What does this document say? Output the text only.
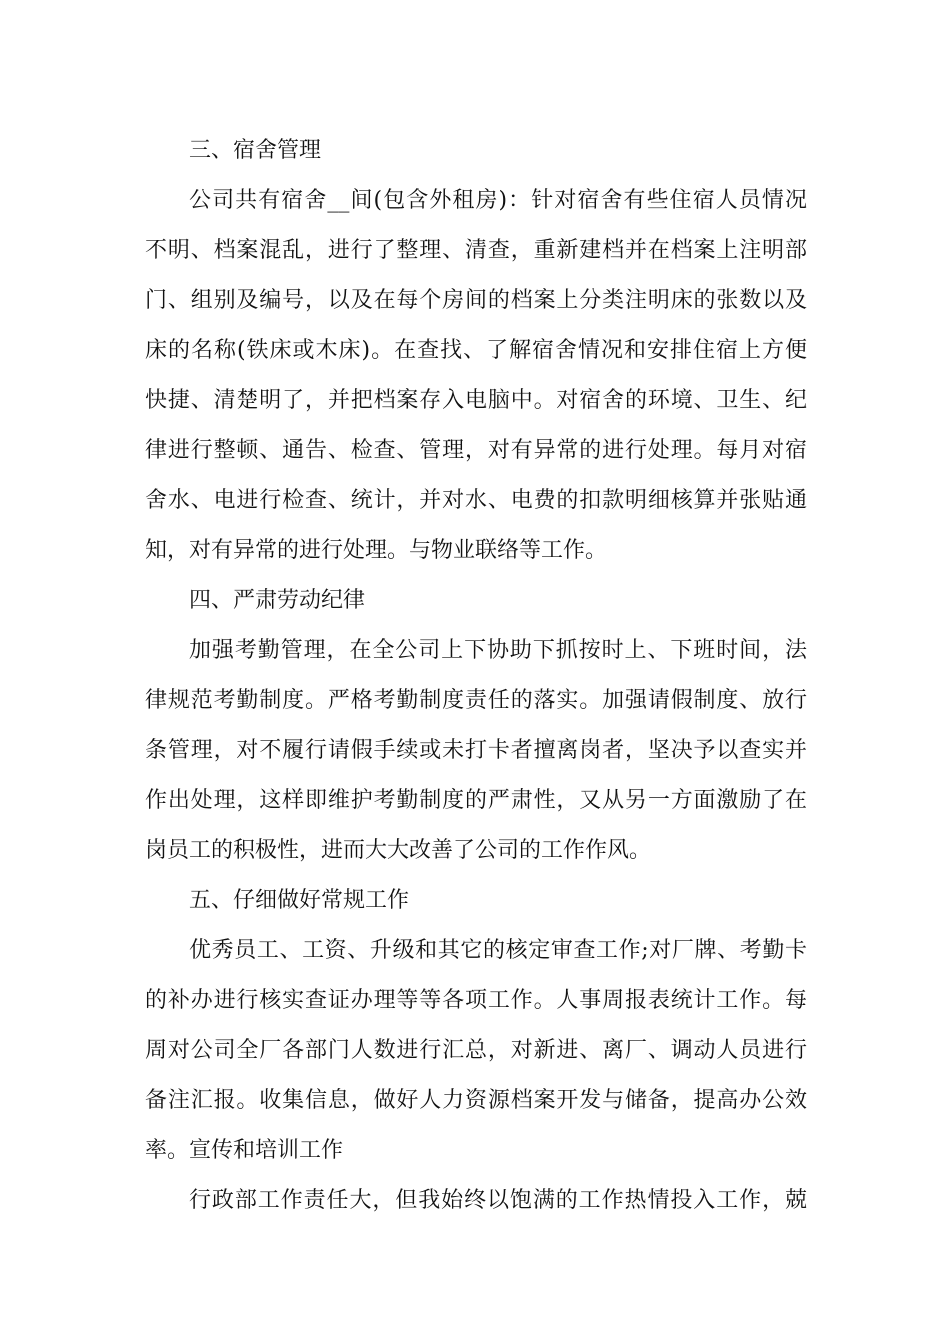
三、宿舍管理
公司共有宿舍__间(包含外租房)：针对宿舍有些住宿人员情况
不明、档案混乱，进行了整理、清查，重新建档并在档案上注明部
门、组别及编号，以及在每个房间的档案上分类注明床的张数以及
床的名称(铁床或木床)。在查找、了解宿舍情况和安排住宿上方便
快捷、清楚明了，并把档案存入电脑中。对宿舍的环境、卫生、纪
律进行整顿、通告、检查、管理，对有异常的进行处理。每月对宿
舍水、电进行检查、统计，并对水、电费的扣款明细核算并张贴通
知，对有异常的进行处理。与物业联络等工作。
四、严肃劳动纪律
加强考勤管理，在全公司上下协助下抓按时上、下班时间，法
律规范考勤制度。严格考勤制度责任的落实。加强请假制度、放行
条管理，对不履行请假手续或未打卡者擅离岗者，坚决予以查实并
作出处理，这样即维护考勤制度的严肃性，又从另一方面激励了在
岗员工的积极性，进而大大改善了公司的工作作风。
五、仔细做好常规工作
优秀员工、工资、升级和其它的核定审查工作;对厂牌、考勤卡
的补办进行核实查证办理等等各项工作。人事周报表统计工作。每
周对公司全厂各部门人数进行汇总，对新进、离厂、调动人员进行
备注汇报。收集信息，做好人力资源档案开发与储备，提高办公效
率。宣传和培训工作
行政部工作责任大，但我始终以饱满的工作热情投入工作，兢
